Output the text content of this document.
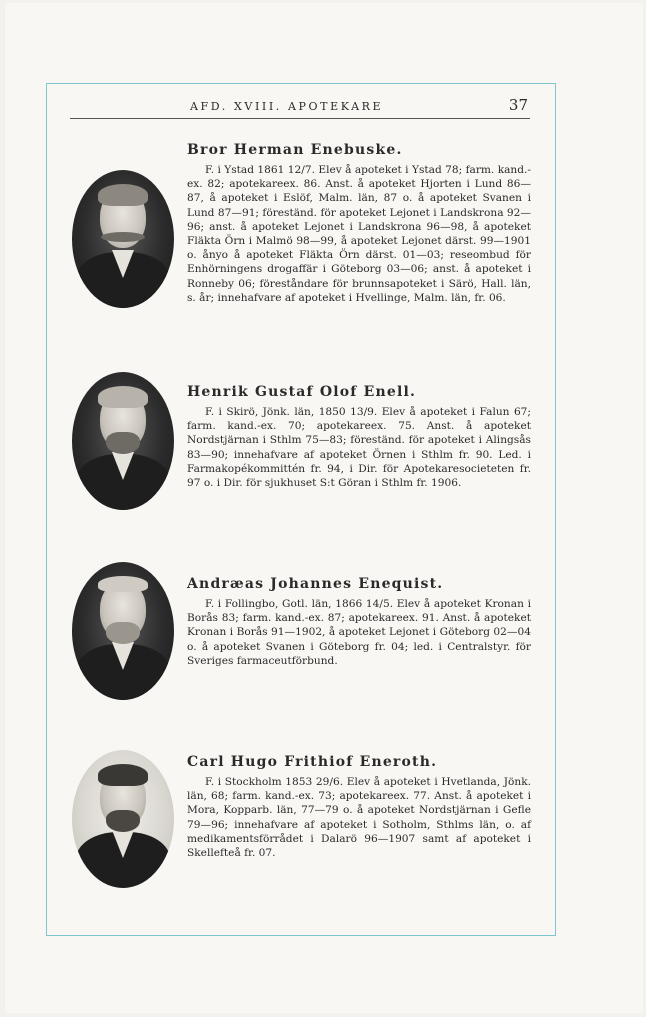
AFD. XVIII. APOTEKARE	37
Bror Herman Enebuske.

F. i Ystad 1861 12/7. Elev å apoteket i Ystad 78; farm. kand.-ex. 82; apotekareex. 86. Anst. å apoteket Hjorten i Lund 86—87, å apoteket i Eslöf, Malm. län, 87 o. å apoteket Svanen i Lund 87—91; föreständ. för apoteket Lejonet i Landskrona 92—96; anst. å apoteket Lejonet i Landskrona 96—98, å apoteket Fläkta Örn i Malmö 98—99, å apoteket Lejonet därst. 99—1901 o. ånyo å apoteket Fläkta Örn därst. 01—03; reseombud för Enhörningens drogaffär i Göteborg 03—06; anst. å apoteket i Ronneby 06; föreståndare för brunnsapoteket i Särö, Hall. län, s. år; innehafvare af apoteket i Hvellinge, Malm. län, fr. 06.

Henrik Gustaf Olof Enell.

F. i Skirö, Jönk. län, 1850 13/9. Elev å apoteket i Falun 67; farm. kand.-ex. 70; apotekareex. 75. Anst. å apoteket Nordstjärnan i Sthlm 75—83; föreständ. för apoteket i Alingsås 83—90; innehafvare af apoteket Örnen i Sthlm fr. 90. Led. i Farmakopékommittén fr. 94, i Dir. för Apotekaresocieteten fr. 97 o. i Dir. för sjukhuset S:t Göran i Sthlm fr. 1906.

Andræas Johannes Enequist.

F. i Follingbo, Gotl. län, 1866 14/5. Elev å apoteket Kronan i Borås 83; farm. kand.-ex. 87; apotekareex. 91. Anst. å apoteket Kronan i Borås 91—1902, å apoteket Lejonet i Göteborg 02—04 o. å apoteket Svanen i Göteborg fr. 04; led. i Centralstyr. för Sveriges farmaceutförbund.

Carl Hugo Frithiof Eneroth.

F. i Stockholm 1853 29/6. Elev å apoteket i Hvetlanda, Jönk. län, 68; farm. kand.-ex. 73; apotekareex. 77. Anst. å apoteket i Mora, Kopparb. län, 77—79 o. å apoteket Nordstjärnan i Gefle 79—96; innehafvare af apoteket i Sotholm, Sthlms län, o. af medikamentsförrådet i Dalarö 96—1907 samt af apoteket i Skellefteå fr. 07.
